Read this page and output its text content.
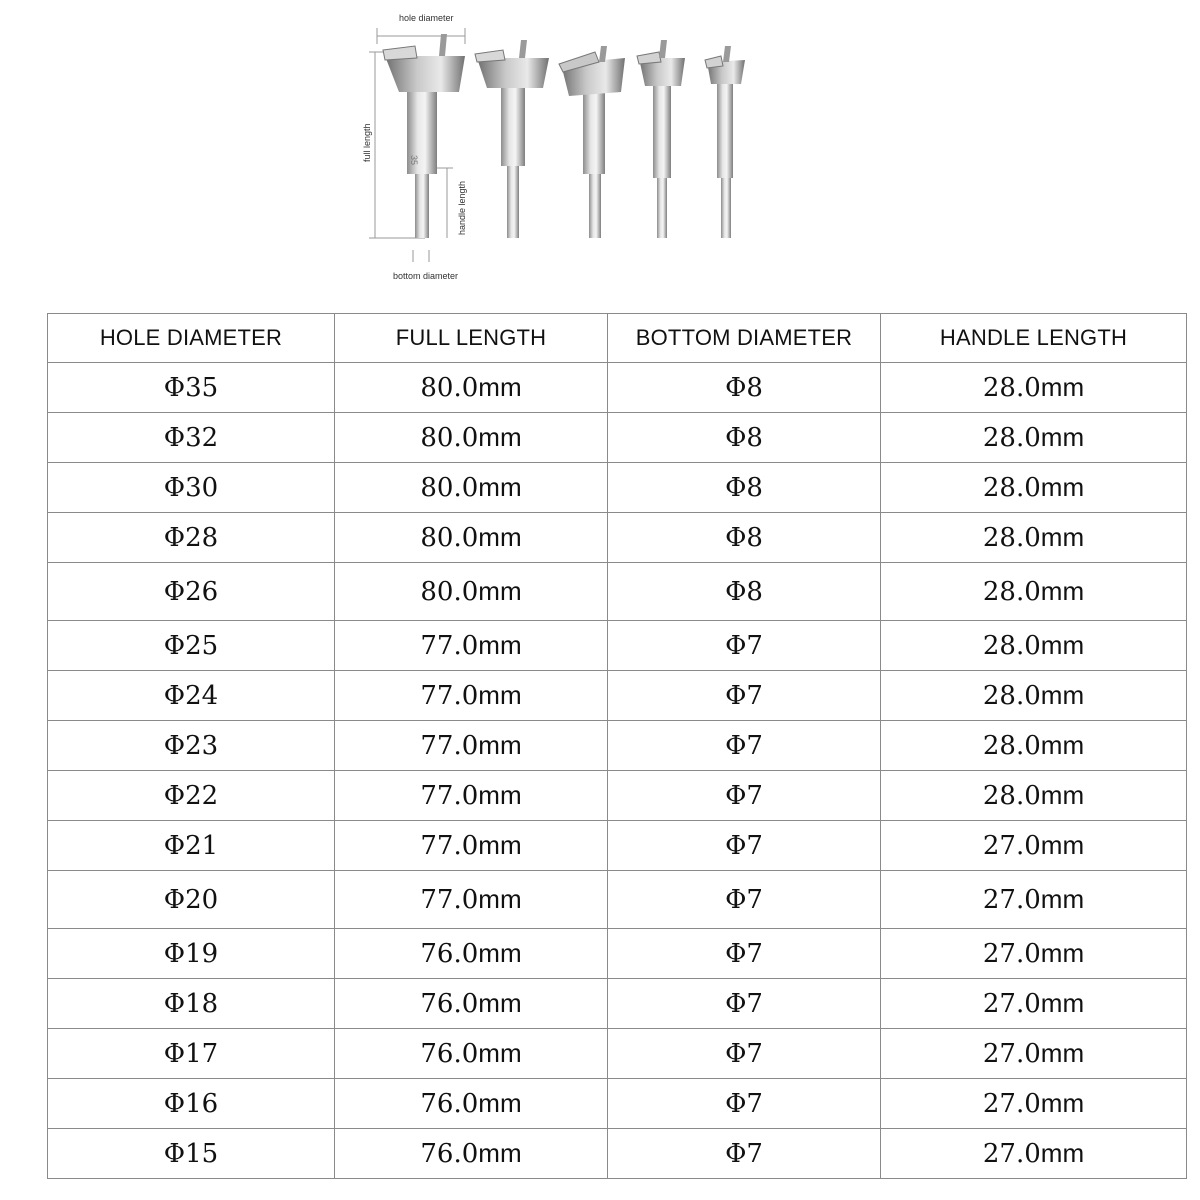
hole diameter
full length
handle length
bottom diameter
35
HOLE DIAMETER	FULL LENGTH	BOTTOM DIAMETER	HANDLE LENGTH
Φ35	80.0mm	Φ8	28.0mm
Φ32	80.0mm	Φ8	28.0mm
Φ30	80.0mm	Φ8	28.0mm
Φ28	80.0mm	Φ8	28.0mm
Φ26	80.0mm	Φ8	28.0mm
Φ25	77.0mm	Φ7	28.0mm
Φ24	77.0mm	Φ7	28.0mm
Φ23	77.0mm	Φ7	28.0mm
Φ22	77.0mm	Φ7	28.0mm
Φ21	77.0mm	Φ7	27.0mm
Φ20	77.0mm	Φ7	27.0mm
Φ19	76.0mm	Φ7	27.0mm
Φ18	76.0mm	Φ7	27.0mm
Φ17	76.0mm	Φ7	27.0mm
Φ16	76.0mm	Φ7	27.0mm
Φ15	76.0mm	Φ7	27.0mm
